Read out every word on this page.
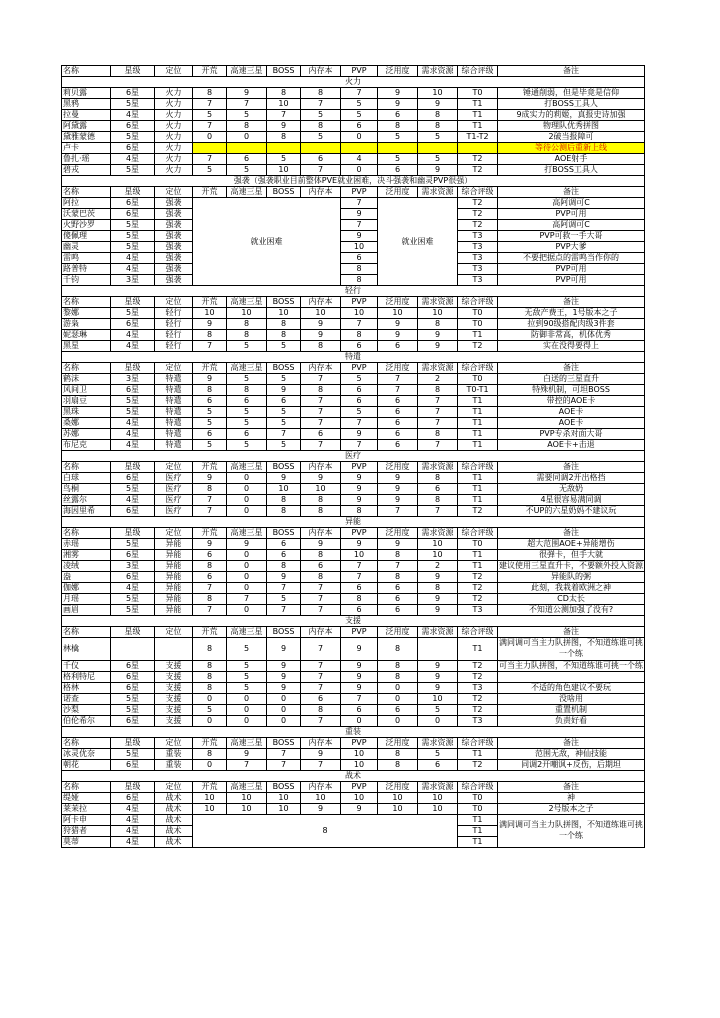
名称	星级	定位	开荒	高速三星	BOSS	内存本	PVP	泛用度	需求资源	综合评级	备注
火力											
莉贝露	6星	火力	8	9	8	8	7	9	10	T0	锤通削弱，但是毕竟是信仰
黑鸦	5星	火力	7	7	10	7	5	9	9	T1	打BOSS工具人
拉曼	4星	火力	5	5	7	5	5	6	8	T1	9成实力的莉姬，真报史诗加强
阿黛露	6星	火力	7	8	9	8	6	8	8	T1	物理队优秀拼图
黛雅蒙德	5星	火力	0	0	8	5	0	5	5	T1-T2	2破当报障可
卢卡	6星	火力									等待公测后重新上线
鲁扎·瑶	4星	火力	7	6	5	6	4	5	5	T2	AOE射手
碧戎	5星	火力	5	5	10	7	0	6	9	T2	打BOSS工具人
强袭（强袭职业目前整体PVE就业困难，决斗强袭和幽灵PVP很强）											
名称	星级	定位	开荒	高速三星	BOSS	内存本	PVP	泛用度	需求资源	综合评级	备注
阿拉	6星	强袭	就业困难				7	就业困难		T2	高阿调可C
沃蒙巴茨	6星	强袭					9			T2	PVP可用
火野沙罗	5星	强袭					7			T2	高阿调可C
傻佩理	5星	强袭					9			T3	PVP可救一手大哥
幽灵	5星	强袭					10			T3	PVP大爹
雷鸣	4星	强袭					6			T3	不要把据点的雷鸣当作你的
路普特	4星	强袭					8			T3	PVP可用
千钧	3星	强袭					8			T3	PVP可用
轻行											
名称	星级	定位	开荒	高速三星	BOSS	内存本	PVP	泛用度	需求资源	综合评级	备注
黎娜	5星	轻行	10	10	10	10	10	10	10	T0	无敌产费王，1号版本之子
游枭	6星	轻行	9	8	8	9	7	9	8	T0	拉到90级搭配肉级3件套
妮瑟琳	4星	轻行	8	8	8	9	8	9	9	T1	防御非常高，机体优秀
黑星	4星	轻行	7	5	5	8	6	6	9	T2	实在没得要得上
特遣											
名称	星级	定位	开荒	高速三星	BOSS	内存本	PVP	泛用度	需求资源	综合评级	备注
鹤沫	3星	特遣	9	5	5	7	5	7	2	T0	白送的三星直升
风间卫	6星	特遣	8	8	9	8	6	7	8	T0-T1	特殊机制，可坦BOSS
羽扇豆	5星	特遣	6	6	6	7	6	6	7	T1	带控的AOE卡
黑珠	5星	特遣	5	5	5	7	5	6	7	T1	AOE卡
桑娜	4星	特遣	5	5	5	7	7	6	7	T1	AOE卡
苏娜	4星	特遣	6	6	7	6	9	6	8	T1	PVP专杀对面大哥
布尼克	4星	特遣	5	5	5	7	7	6	7	T1	AOE卡+击退
医疗											
名称	星级	定位	开荒	高速三星	BOSS	内存本	PVP	泛用度	需求资源	综合评级	备注
白球	6星	医疗	9	0	9	9	9	9	8	T1	需要同调2开出格挡
鸟桐	5星	医疗	8	0	10	10	9	9	6	T1	无敌奶
丝露尔	4星	医疗	7	0	8	8	9	9	8	T1	4星很容易满同调
海因里希	6星	医疗	7	0	8	8	8	7	7	T2	不UP的六星奶妈不建议玩
异能											
名称	星级	定位	开荒	高速三星	BOSS	内存本	PVP	泛用度	需求资源	综合评级	备注
赤瑶	5星	异能	9	9	6	9	9	9	10	T0	超大范围AOE+异能增伤
湘雾	6星	异能	6	0	6	8	10	8	10	T1	很弹卡，但手大就
凌绒	3星	异能	8	0	8	6	7	7	2	T1	建议使用三星直升卡，不要额外投入资源
盎	6星	异能	6	0	9	8	7	8	9	T2	异能队的粥
伽娜	4星	异能	7	0	7	7	6	6	8	T2	此刻，我栽着欧洲之神
月瑶	5星	异能	8	7	5	7	8	6	9	T2	CD太长
画眉	5星	异能	7	0	7	7	6	6	9	T3	不知道公测加强了没有?
支援											
名称	星级	定位	开荒	高速三星	BOSS	内存本	PVP	泛用度	需求资源	综合评级	备注
林檎			8	5	9	7	9	8		T1	满同调可当主力队拼图，不知道练谁可挑一个练
千仪	6星	支援	8	5	9	7	9	8	9	T2	可当主力队拼图，不知道练谁可挑一个练
格利特尼	6星	支援	8	5	9	7	9	8	9	T2	
格林	6星	支援	8	5	9	7	9	0	9	T3	不适的角色建议不要玩
诺查	5星	支援	0	0	0	6	7	0	10	T2	没啥用
沙梨	5星	支援	5	0	0	8	6	6	5	T2	重置机制
伯伦希尔	6星	支援	0	0	0	7	0	0	0	T3	负责好看
重装											
名称	星级	定位	开荒	高速三星	BOSS	内存本	PVP	泛用度	需求资源	综合评级	备注
冰灵优奈	5星	重装	8	9	7	9	10	8	5	T1	范围无敌，神仙技能
朝花	6星	重装	0	7	7	7	10	8	6	T2	同调2开嘲讽+反伤，后期坦
战术											
名称	星级	定位	开荒	高速三星	BOSS	内存本	PVP	泛用度	需求资源	综合评级	备注
缇娅	6星	战术	10	10	10	10	10	10	10	T0	神
莱茉拉	4星	战术	10	10	10	9	9	10	10	T0	2号版本之子
阿卡申	4星	战术	8							T1	满同调可当主力队拼图，不知道练谁可挑一个练
狩猎者	4星	战术								T1	
莫蒂	4星	战术								T1	
